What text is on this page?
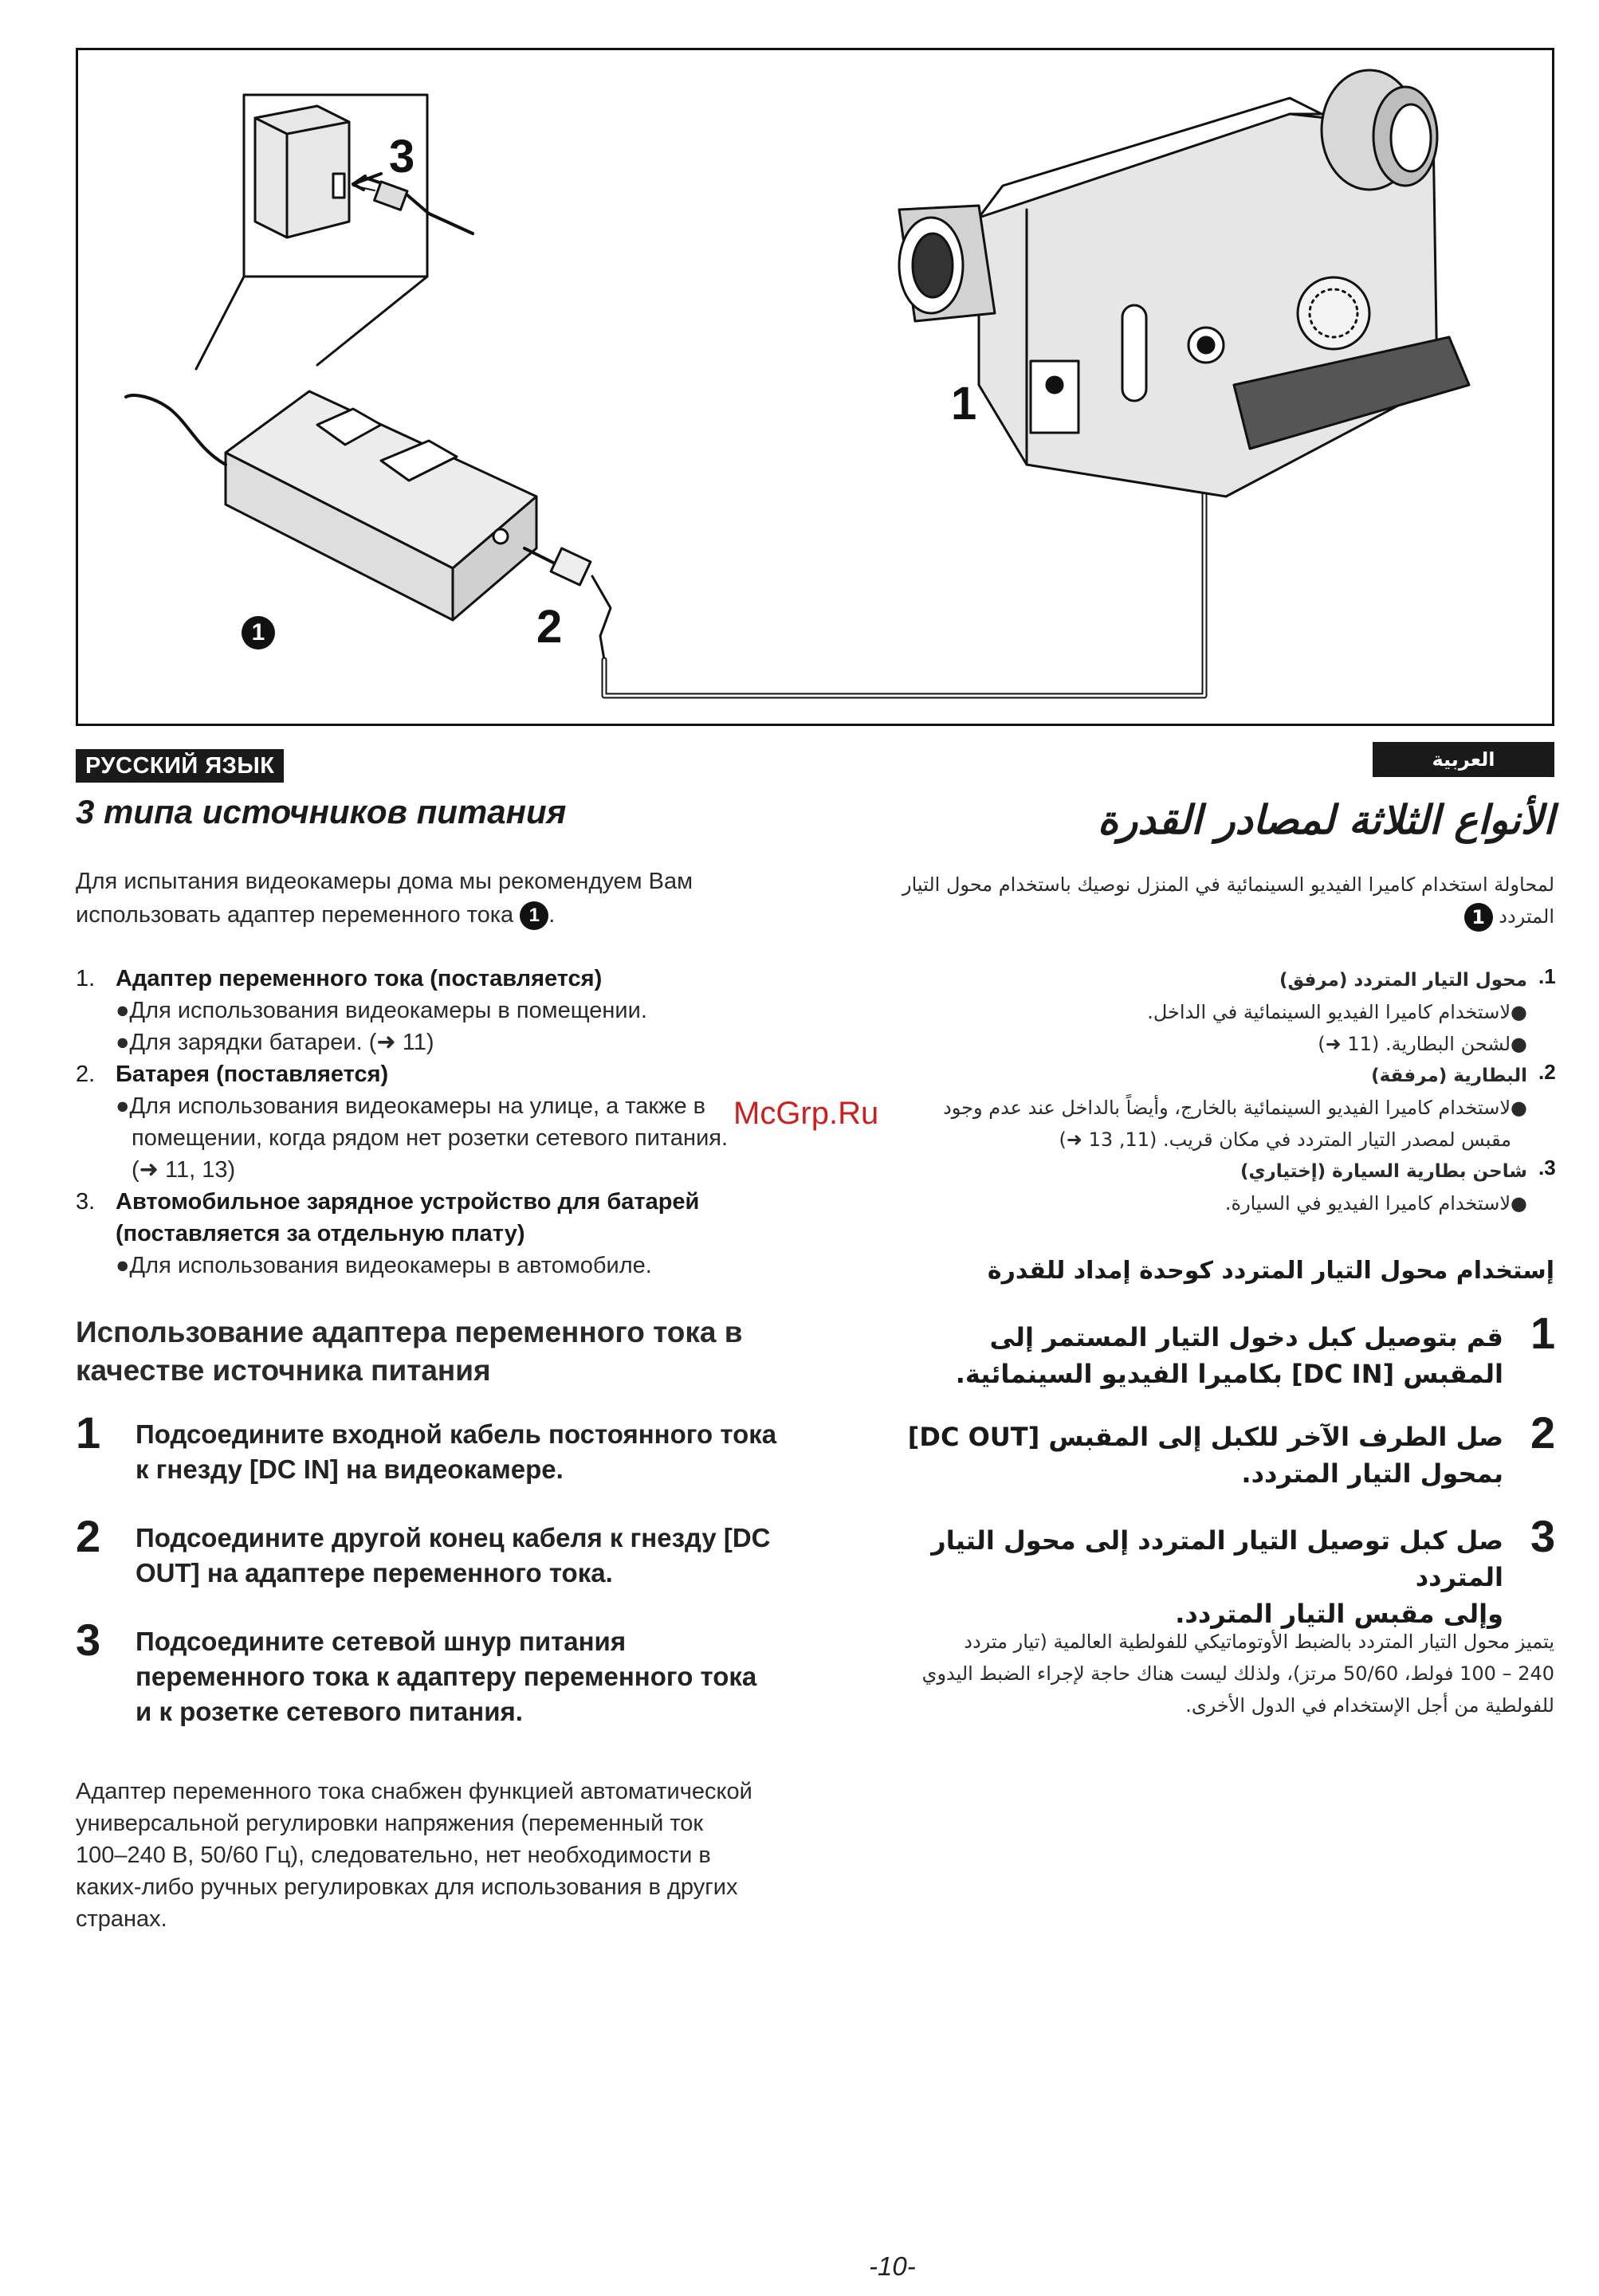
3
1
2
1
РУССКИЙ ЯЗЫК
3 типа источников питания
Для испытания видеокамеры дома мы рекомендуем Вам
использовать адаптер переменного тока 1 .
1. Адаптер переменного тока (поставляется)
●Для использования видеокамеры в помещении.
●Для зарядки батареи. (➜ 11)
2. Батарея (поставляется)
●Для использования видеокамеры на улице, а также в
помещении, когда рядом нет розетки сетевого питания.
(➜ 11, 13)
3. Автомобильное зарядное устройство для батарей
(поставляется за отдельную плату)
●Для использования видеокамеры в автомобиле.
Использование адаптера переменного тока в
качестве источника питания
1 Подсоедините входной кабель постоянного тока
к гнезду [DC IN] на видеокамере.
2 Подсоедините другой конец кабеля к гнезду [DC
OUT] на адаптере переменного тока.
3 Подсоедините сетевой шнур питания
переменного тока к адаптеру переменного тока
и к розетке сетевого питания.
Адаптер переменного тока снабжен функцией автоматической
универсальной регулировки напряжения (переменный ток
100–240 В, 50/60 Гц), следовательно, нет необходимости в
каких-либо ручных регулировках для использования в других
странах.
العربية
الأنواع الثلاثة لمصادر القدرة
لمحاولة استخدام كاميرا الفيديو السينمائية في المنزل نوصيك باستخدام محول التيار
المتردد 1
.1
محول التيار المتردد (مرفق)
●لاستخدام كاميرا الفيديو السينمائية في الداخل.
●لشحن البطارية. (11 ➜)
.2
البطارية (مرفقة)
●لاستخدام كاميرا الفيديو السينمائية بالخارج، وأيضاً بالداخل عند عدم وجود
مقبس لمصدر التيار المتردد في مكان قريب. (11, 13 ➜)
.3
شاحن بطارية السيارة (إختياري)
●لاستخدام كاميرا الفيديو في السيارة.
إستخدام محول التيار المتردد كوحدة إمداد للقدرة
1
قم بتوصيل كبل دخول التيار المستمر إلى
المقبس [DC IN] بكاميرا الفيديو السينمائية.
2
صل الطرف الآخر للكبل إلى المقبس [DC OUT]
بمحول التيار المتردد.
3
صل كبل توصيل التيار المتردد إلى محول التيار المتردد
وإلى مقبس التيار المتردد.
يتميز محول التيار المتردد بالضبط الأوتوماتيكي للفولطية العالمية (تيار متردد
240 – 100 فولط، 50/60 مرتز)، ولذلك ليست هناك حاجة لإجراء الضبط اليدوي
للفولطية من أجل الإستخدام في الدول الأخرى.
McGrp.Ru
-10-
